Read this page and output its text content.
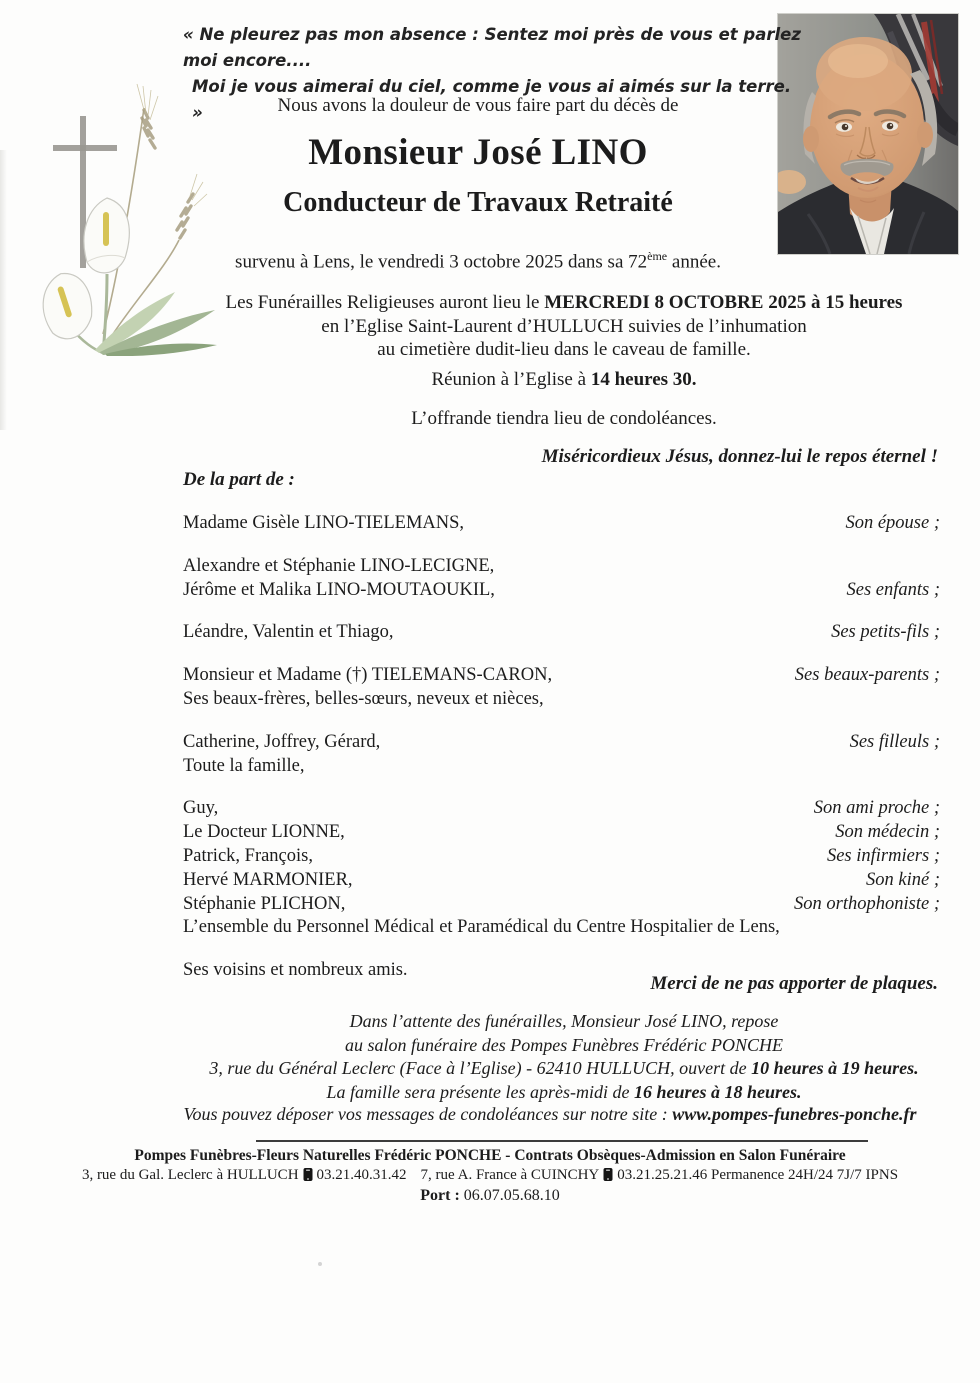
« Ne pleurez pas mon absence : Sentez moi près de vous et parlez moi encore....
Moi je vous aimerai du ciel, comme je vous ai aimés sur la terre. »	Nous avons la douleur de vous faire part du décès de
Monsieur José LINO
Conducteur de Travaux Retraité
survenu à Lens, le vendredi 3 octobre 2025 dans sa 72ème année.
Les Funérailles Religieuses auront lieu le MERCREDI 8 OCTOBRE 2025 à 15 heures
en l’Eglise Saint-Laurent d’HULLUCH suivies de l’inhumation
au cimetière dudit-lieu dans le caveau de famille.
Réunion à l’Eglise à 14 heures 30.
L’offrande tiendra lieu de condoléances.
Miséricordieux Jésus, donnez-lui le repos éternel !
De la part de :
Madame Gisèle LINO-TIELEMANS,	Son épouse ;
Alexandre et Stéphanie LINO-LECIGNE,
Jérôme et Malika LINO-MOUTAOUKIL,	Ses enfants ;
Léandre, Valentin et Thiago,	Ses petits-fils ;
Monsieur et Madame (†) TIELEMANS-CARON,	Ses beaux-parents ;
Ses beaux-frères, belles-sœurs, neveux et nièces,
Catherine, Joffrey, Gérard,	Ses filleuls ;
Toute la famille,
Guy,	Son ami proche ;
Le Docteur LIONNE,	Son médecin ;
Patrick, François,	Ses infirmiers ;
Hervé MARMONIER,	Son kiné ;
Stéphanie PLICHON,	Son orthophoniste ;
L’ensemble du Personnel Médical et Paramédical du Centre Hospitalier de Lens,
Ses voisins et nombreux amis.
Merci de ne pas apporter de plaques.
Dans l’attente des funérailles, Monsieur José LINO, repose
au salon funéraire des Pompes Funèbres Frédéric PONCHE
3, rue du Général Leclerc (Face à l’Eglise) - 62410 HULLUCH, ouvert de 10 heures à 19 heures.
La famille sera présente les après-midi de 16 heures à 18 heures.
Vous pouvez déposer vos messages de condoléances sur notre site : www.pompes-funebres-ponche.fr
Pompes Funèbres-Fleurs Naturelles Frédéric PONCHE - Contrats Obsèques-Admission en Salon Funéraire
3, rue du Gal. Leclerc à HULLUCH 03.21.40.31.42 7, rue A. France à CUINCHY 03.21.25.21.46 Permanence 24H/24 7J/7 IPNS
Port : 06.07.05.68.10
